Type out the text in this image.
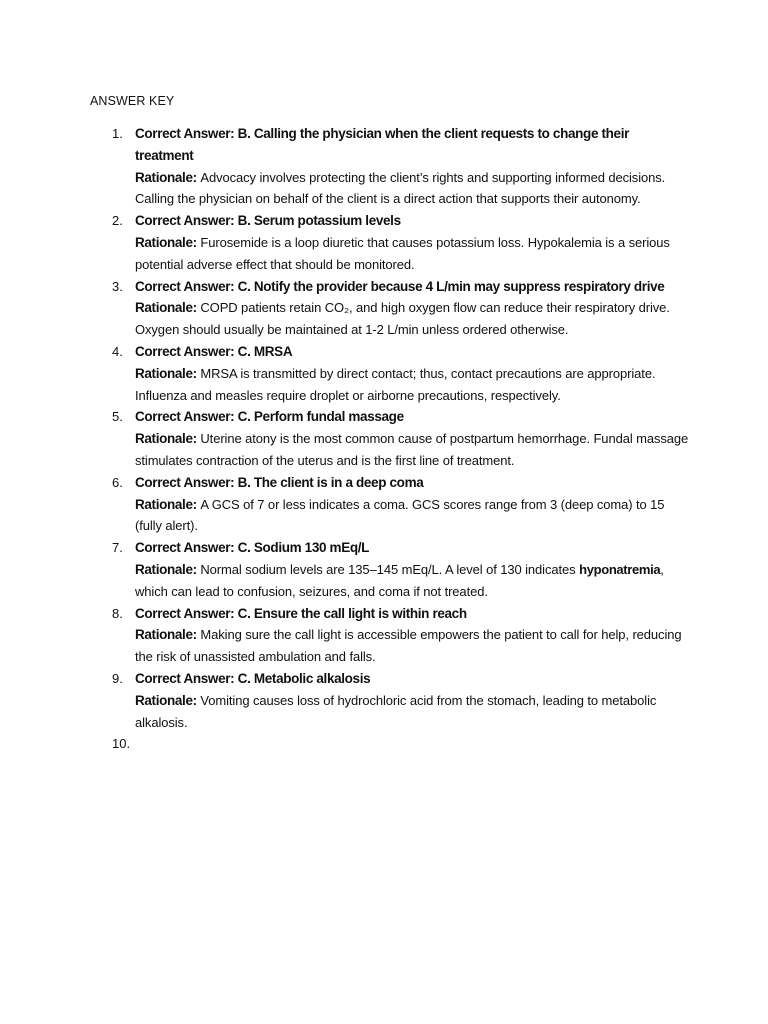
ANSWER KEY
1. Correct Answer: B. Calling the physician when the client requests to change their treatment
Rationale: Advocacy involves protecting the client’s rights and supporting informed decisions. Calling the physician on behalf of the client is a direct action that supports their autonomy.
2. Correct Answer: B. Serum potassium levels
Rationale: Furosemide is a loop diuretic that causes potassium loss. Hypokalemia is a serious potential adverse effect that should be monitored.
3. Correct Answer: C. Notify the provider because 4 L/min may suppress respiratory drive
Rationale: COPD patients retain CO₂, and high oxygen flow can reduce their respiratory drive. Oxygen should usually be maintained at 1-2 L/min unless ordered otherwise.
4. Correct Answer: C. MRSA
Rationale: MRSA is transmitted by direct contact; thus, contact precautions are appropriate. Influenza and measles require droplet or airborne precautions, respectively.
5. Correct Answer: C. Perform fundal massage
Rationale: Uterine atony is the most common cause of postpartum hemorrhage. Fundal massage stimulates contraction of the uterus and is the first line of treatment.
6. Correct Answer: B. The client is in a deep coma
Rationale: A GCS of 7 or less indicates a coma. GCS scores range from 3 (deep coma) to 15 (fully alert).
7. Correct Answer: C. Sodium 130 mEq/L
Rationale: Normal sodium levels are 135–145 mEq/L. A level of 130 indicates hyponatremia, which can lead to confusion, seizures, and coma if not treated.
8. Correct Answer: C. Ensure the call light is within reach
Rationale: Making sure the call light is accessible empowers the patient to call for help, reducing the risk of unassisted ambulation and falls.
9. Correct Answer: C. Metabolic alkalosis
Rationale: Vomiting causes loss of hydrochloric acid from the stomach, leading to metabolic alkalosis.
10.
